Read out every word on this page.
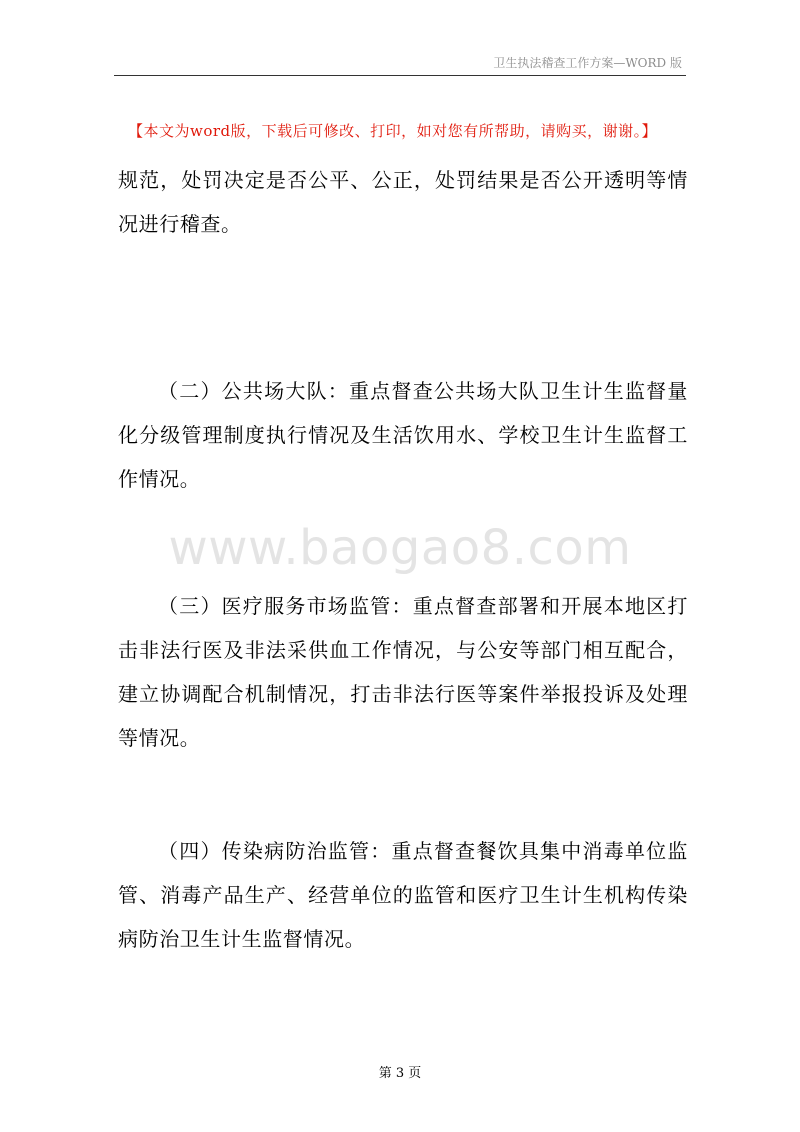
卫生执法稽查工作方案—WORD 版
【本文为word版，下载后可修改、打印，如对您有所帮助，请购买，谢谢。】
规范，处罚决定是否公平、公正，处罚结果是否公开透明等情况进行稽查。
（二）公共场大队：重点督查公共场大队卫生计生监督量化分级管理制度执行情况及生活饮用水、学校卫生计生监督工作情况。
www.baogao8.com
（三）医疗服务市场监管：重点督查部署和开展本地区打击非法行医及非法采供血工作情况，与公安等部门相互配合，建立协调配合机制情况，打击非法行医等案件举报投诉及处理等情况。
（四）传染病防治监管：重点督查餐饮具集中消毒单位监管、消毒产品生产、经营单位的监管和医疗卫生计生机构传染病防治卫生计生监督情况。
第 3 页
